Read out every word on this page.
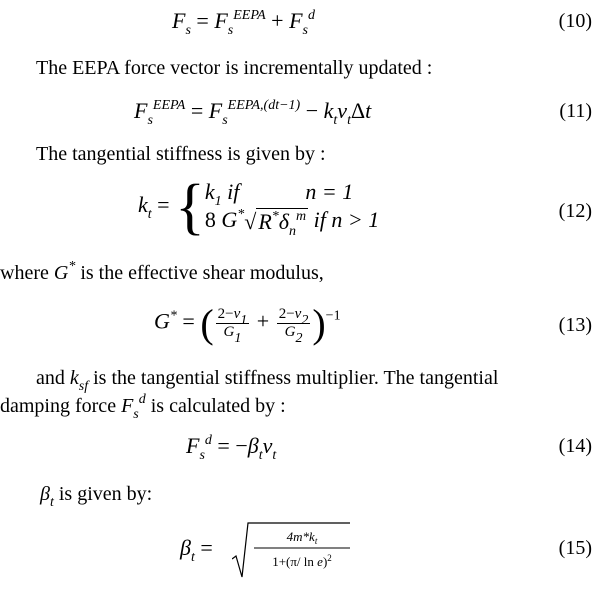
$F_s = F_s^{EEPA} + F_s^d$	(10)
The EEPA force vector is incrementally updated :
$F_s^{EEPA} = F_s^{EEPA,(dt-1)} - k_t\nu_t\Delta t$	(11)
The tangential stiffness is given by :
$k_t = \{k_1$ if            n = 1
8 $G^*√R^*\delta_n^m$ if n > 1	(12)
where G* is the effective shear modulus,
G* = ( $\frac{2-\nu_1}{G_1} + \frac{2-\nu_2}{G_2} )^{-1}$	(13)
and $k_{sf}$ is the tangential stiffness multiplier. The tangential
damping force $F_s^d$ is calculated by :
$F_s^d = -\beta_t\nu_t$	(14)
$\beta_t$ is given by:
$\beta_t$ =	(15)
$4m*k_t$
1+(π/ ln e)$^2$
